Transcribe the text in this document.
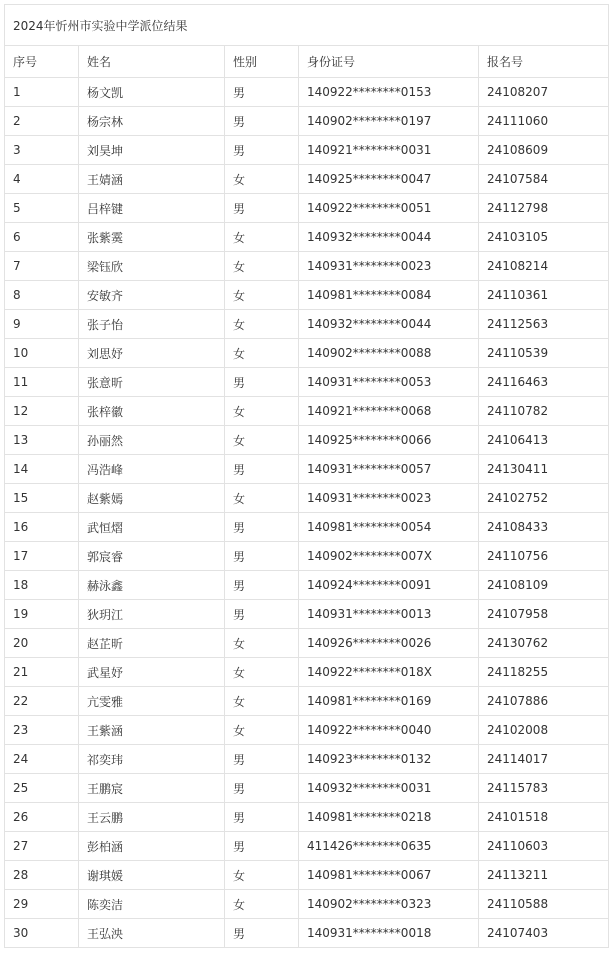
2024年忻州市实验中学派位结果				
序号	姓名	性别	身份证号	报名号
1	杨文凯	男	140922********0153	24108207
2	杨宗林	男	140902********0197	24111060
3	刘昊坤	男	140921********0031	24108609
4	王婧涵	女	140925********0047	24107584
5	吕梓键	男	140922********0051	24112798
6	张紫霙	女	140932********0044	24103105
7	梁钰欣	女	140931********0023	24108214
8	安敏齐	女	140981********0084	24110361
9	张子怡	女	140932********0044	24112563
10	刘思妤	女	140902********0088	24110539
11	张意昕	男	140931********0053	24116463
12	张梓徽	女	140921********0068	24110782
13	孙丽然	女	140925********0066	24106413
14	冯浩峰	男	140931********0057	24130411
15	赵紫嫣	女	140931********0023	24102752
16	武恒熠	男	140981********0054	24108433
17	郭宸睿	男	140902********007X	24110756
18	赫泳鑫	男	140924********0091	24108109
19	狄玥江	男	140931********0013	24107958
20	赵芷昕	女	140926********0026	24130762
21	武星妤	女	140922********018X	24118255
22	亢雯雅	女	140981********0169	24107886
23	王紫涵	女	140922********0040	24102008
24	祁奕玮	男	140923********0132	24114017
25	王鹏宸	男	140932********0031	24115783
26	王云鹏	男	140981********0218	24101518
27	彭柏涵	男	411426********0635	24110603
28	谢琪媛	女	140981********0067	24113211
29	陈奕洁	女	140902********0323	24110588
30	王弘泱	男	140931********0018	24107403
